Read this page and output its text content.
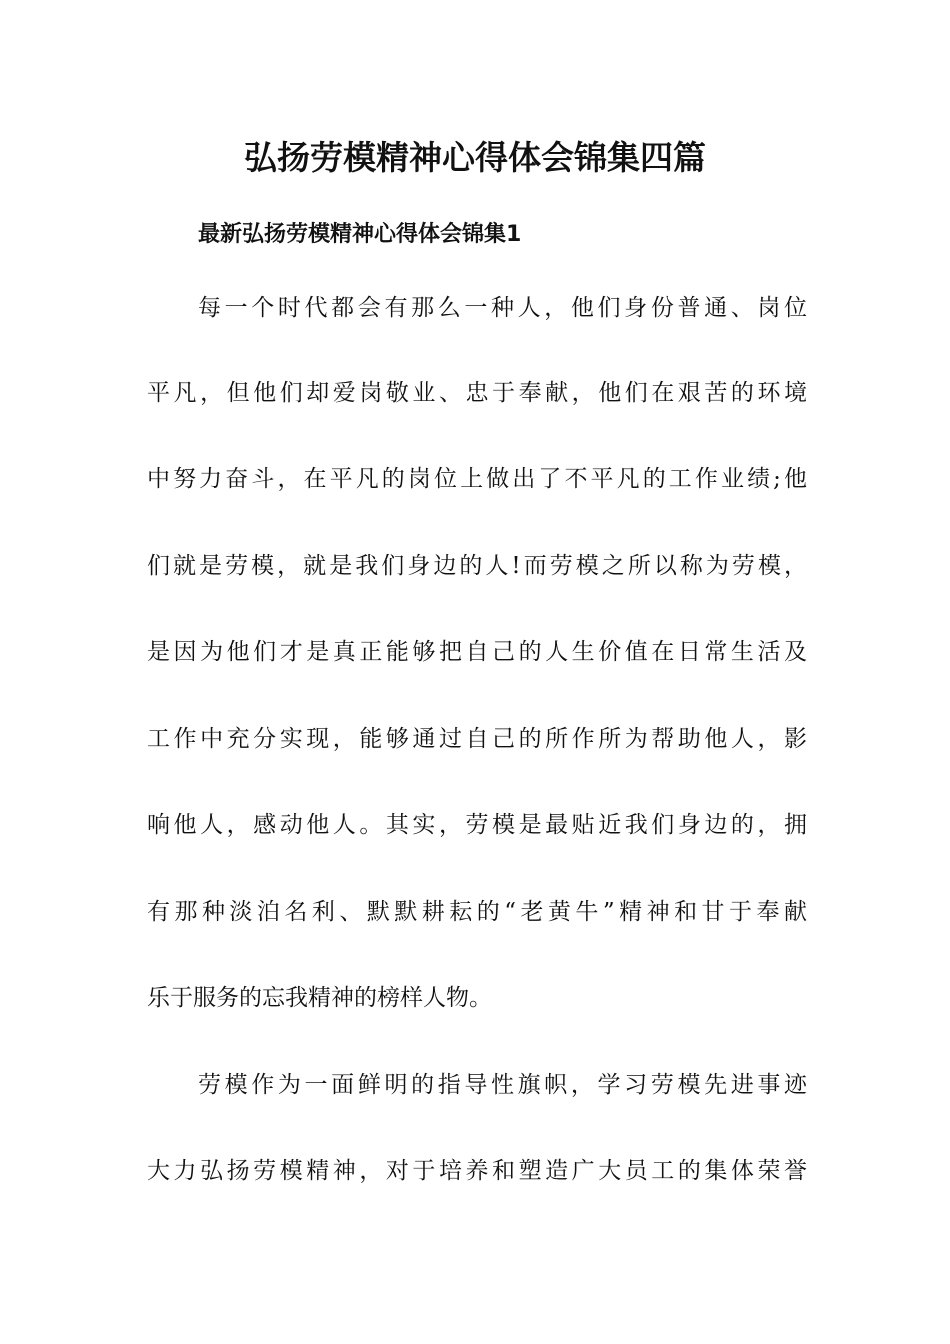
弘扬劳模精神心得体会锦集四篇
最新弘扬劳模精神心得体会锦集1

每一个时代都会有那么一种人，他们身份普通、岗位

平凡，但他们却爱岗敬业、忠于奉献，他们在艰苦的环境

中努力奋斗，在平凡的岗位上做出了不平凡的工作业绩;他

们就是劳模，就是我们身边的人!而劳模之所以称为劳模，

是因为他们才是真正能够把自己的人生价值在日常生活及

工作中充分实现，能够通过自己的所作所为帮助他人，影

响他人，感动他人。其实，劳模是最贴近我们身边的，拥

有那种淡泊名利、默默耕耘的“老黄牛”精神和甘于奉献

乐于服务的忘我精神的榜样人物。

劳模作为一面鲜明的指导性旗帜，学习劳模先进事迹

大力弘扬劳模精神，对于培养和塑造广大员工的集体荣誉
